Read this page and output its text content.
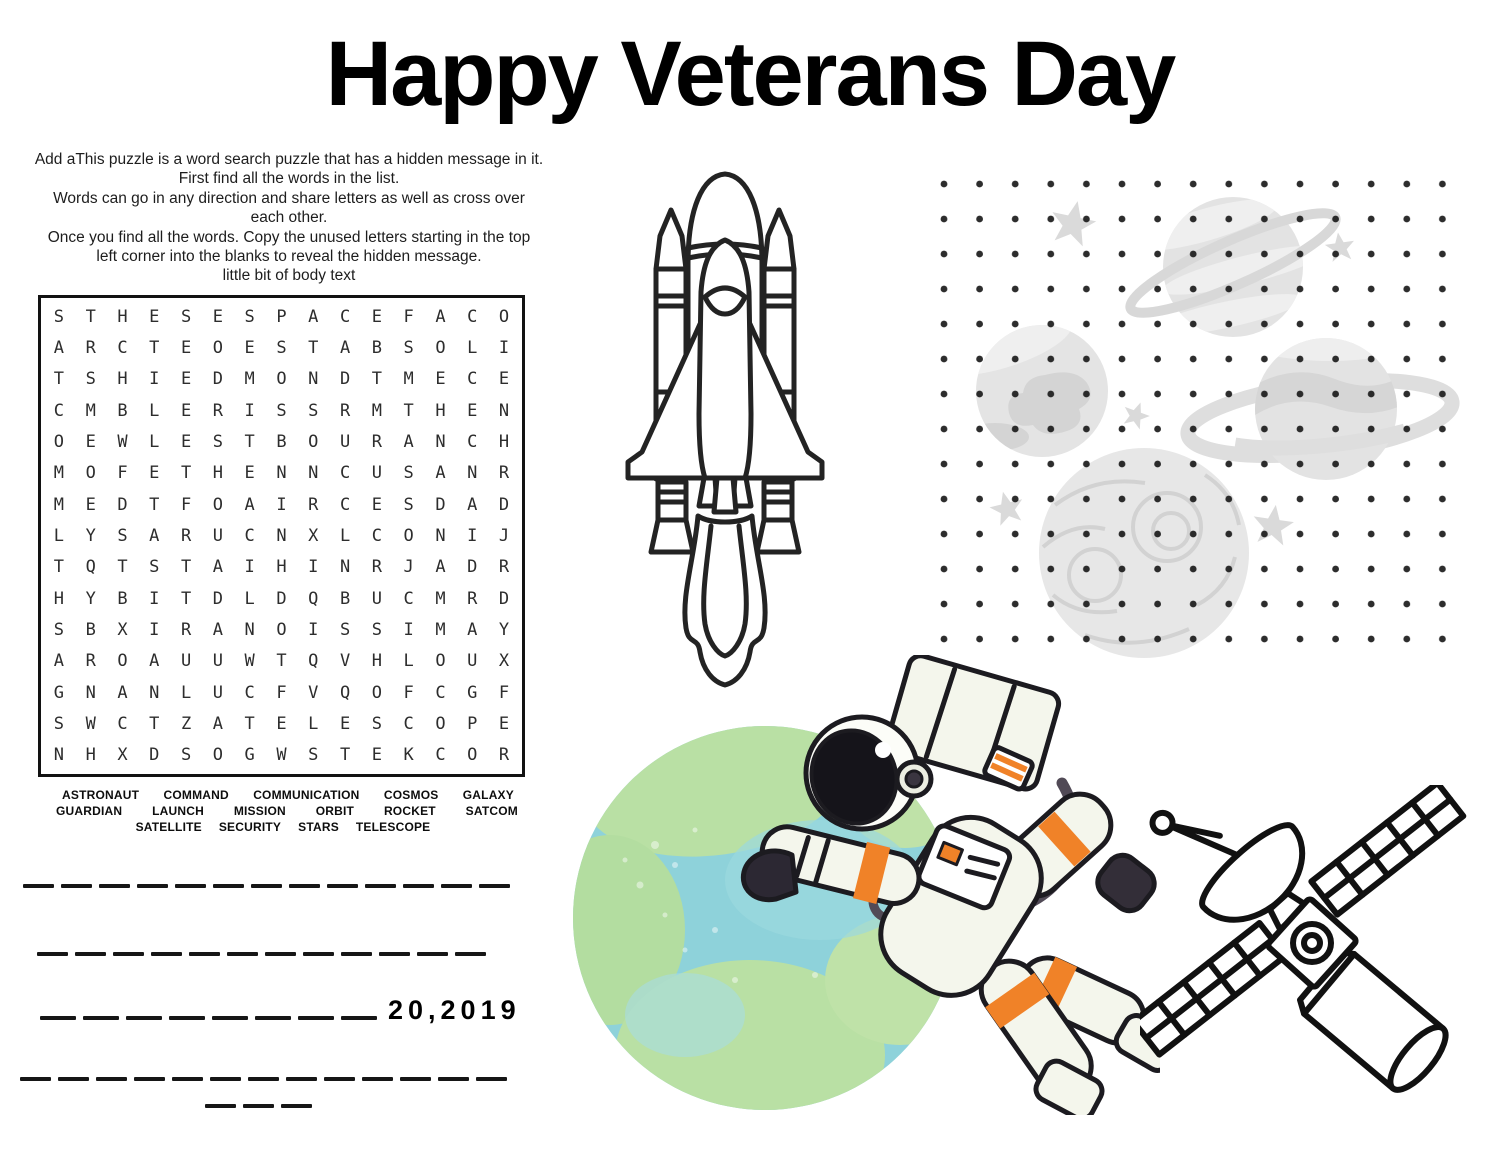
Happy Veterans Day
Add aThis puzzle is a word search puzzle that has a hidden message in it.
First find all the words in the list.
Words can go in any direction and share letters as well as cross over
each other.
Once you find all the words. Copy the unused letters starting in the top
left corner into the blanks to reveal the hidden message.
little bit of body text
S	T	H	E	S	E	S	P	A	C	E	F	A	C	O
A	R	C	T	E	O	E	S	T	A	B	S	O	L	I
T	S	H	I	E	D	M	O	N	D	T	M	E	C	E
C	M	B	L	E	R	I	S	S	R	M	T	H	E	N
O	E	W	L	E	S	T	B	O	U	R	A	N	C	H
M	O	F	E	T	H	E	N	N	C	U	S	A	N	R
M	E	D	T	F	O	A	I	R	C	E	S	D	A	D
L	Y	S	A	R	U	C	N	X	L	C	O	N	I	J
T	Q	T	S	T	A	I	H	I	N	R	J	A	D	R
H	Y	B	I	T	D	L	D	Q	B	U	C	M	R	D
S	B	X	I	R	A	N	O	I	S	S	I	M	A	Y
A	R	O	A	U	U	W	T	Q	V	H	L	O	U	X
G	N	A	N	L	U	C	F	V	Q	O	F	C	G	F
S	W	C	T	Z	A	T	E	L	E	S	C	O	P	E
N	H	X	D	S	O	G	W	S	T	E	K	C	O	R
ASTRONAUT COMMAND COMMUNICATION COSMOS GALAXY
GUARDIAN LAUNCH MISSION ORBIT ROCKET SATCOM
SATELLITE SECURITY STARS TELESCOPE
20,2019
